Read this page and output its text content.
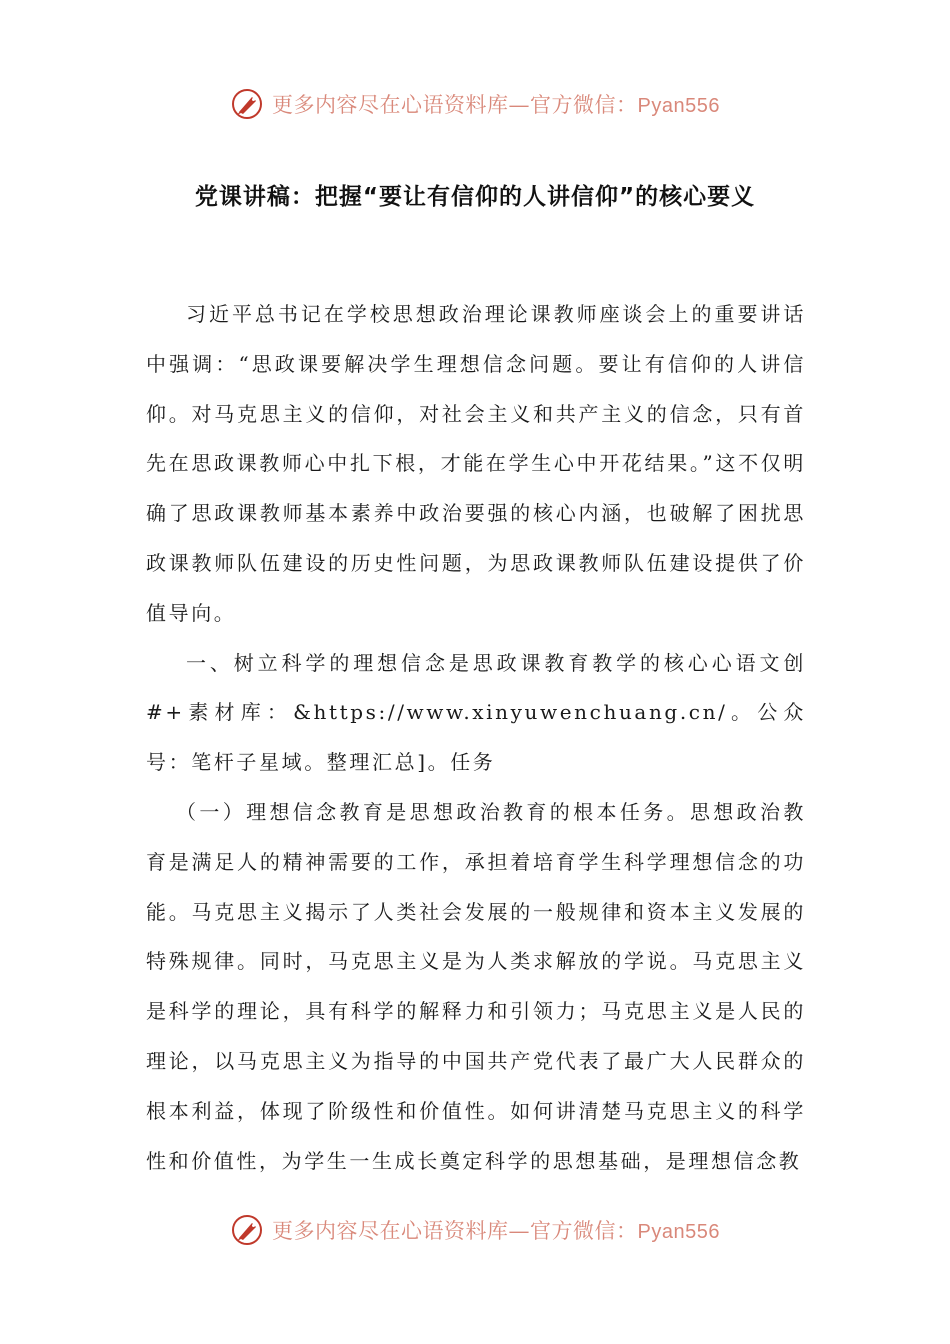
更多内容尽在心语资料库—官方微信：Pyan556
党课讲稿：把握“要让有信仰的人讲信仰”的核心要义

习近平总书记在学校思想政治理论课教师座谈会上的重要讲话中强调：“思政课要解决学生理想信念问题。要让有信仰的人讲信仰。对马克思主义的信仰，对社会主义和共产主义的信念，只有首先在思政课教师心中扎下根，才能在学生心中开花结果。”这不仅明确了思政课教师基本素养中政治要强的核心内涵，也破解了困扰思政课教师队伍建设的历史性问题，为思政课教师队伍建设提供了价值导向。

一、树立科学的理想信念是思政课教育教学的核心心语文创#+素材库：&https://www.xinyuwenchuang.cn/。公众号：笔杆子星域。整理汇总]。任务

（一）理想信念教育是思想政治教育的根本任务。思想政治教育是满足人的精神需要的工作，承担着培育学生科学理想信念的功能。马克思主义揭示了人类社会发展的一般规律和资本主义发展的特殊规律。同时，马克思主义是为人类求解放的学说。马克思主义是科学的理论，具有科学的解释力和引领力；马克思主义是人民的理论，以马克思主义为指导的中国共产党代表了最广大人民群众的根本利益，体现了阶级性和价值性。如何讲清楚马克思主义的科学性和价值性，为学生一生成长奠定科学的思想基础，是理想信念教

更多内容尽在心语资料库—官方微信：Pyan556
